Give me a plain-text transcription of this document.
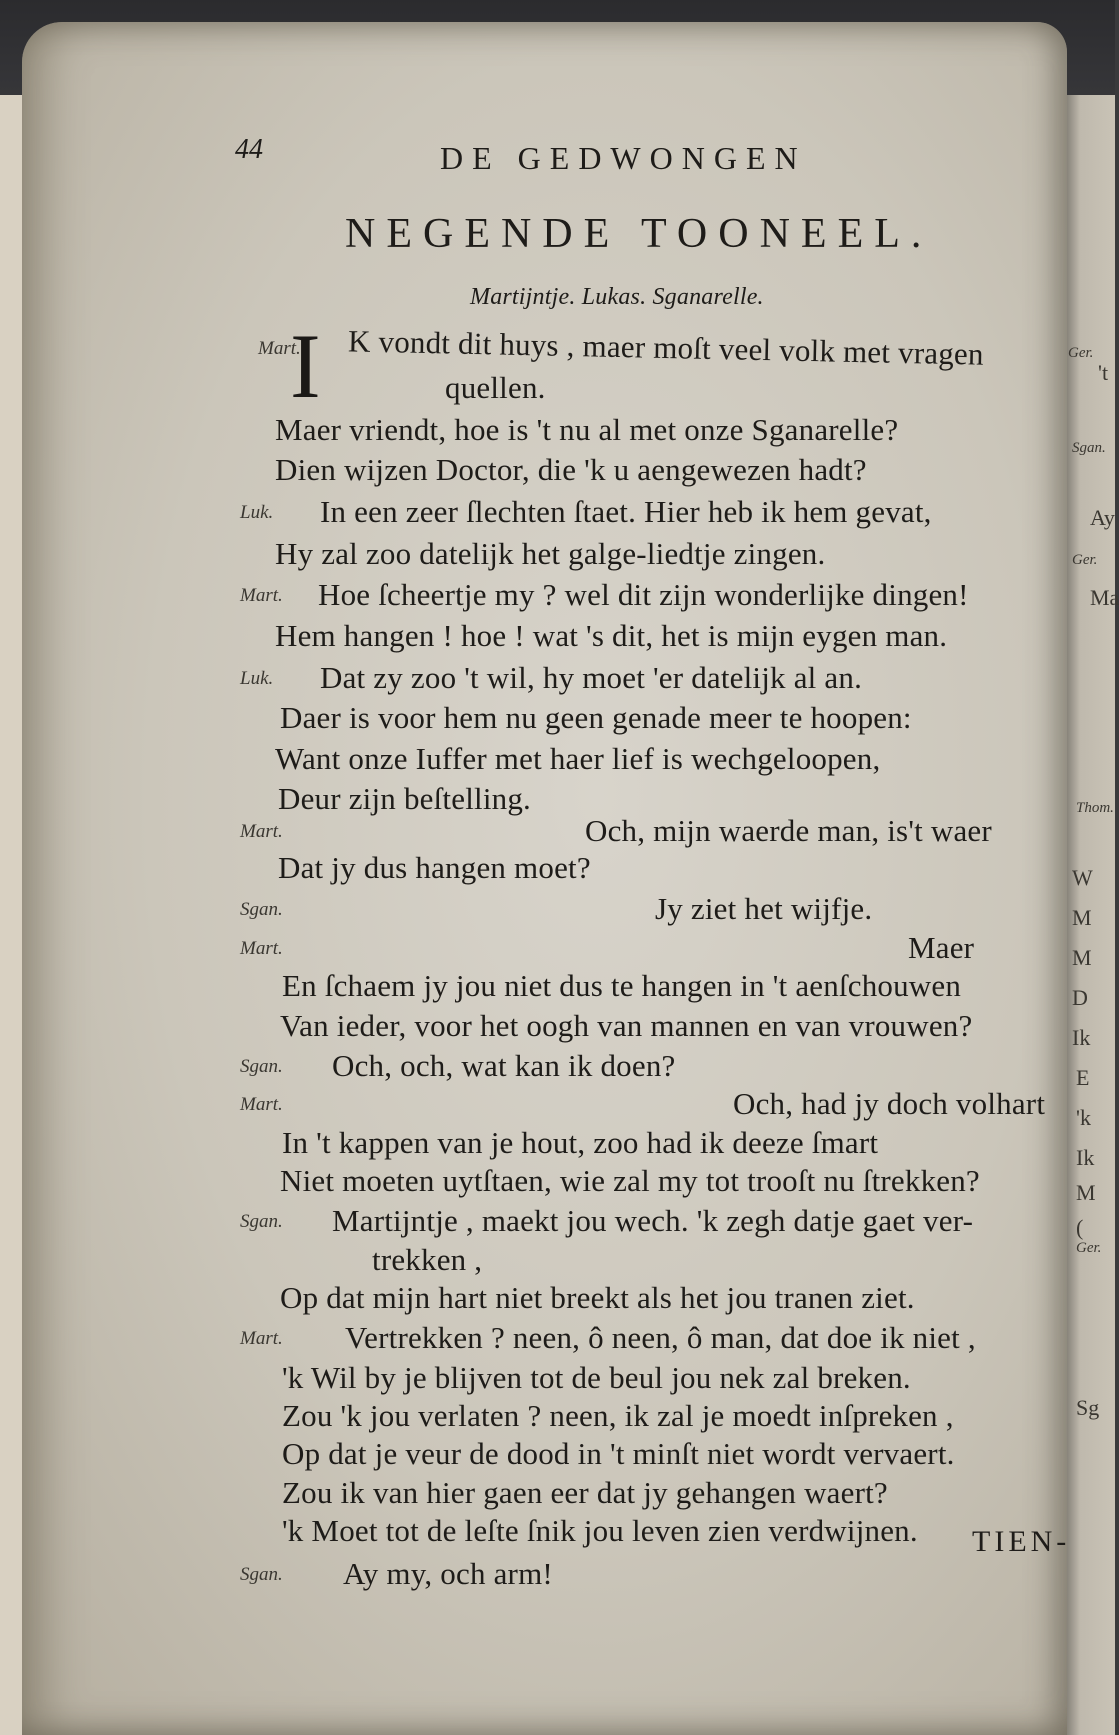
44	DE GEDWONGEN
NEGENDE TOONEEL.
Martijntje. Lukas. Sganarelle.
I
Mart. K vondt dit huys , maer moſt veel volk met vragen
quellen.
Maer vriendt, hoe is 't nu al met onze Sganarelle?
Dien wijzen Doctor, die 'k u aengewezen hadt?
Luk. In een zeer ſlechten ſtaet. Hier heb ik hem gevat,
Hy zal zoo datelijk het galge-liedtje zingen.
Mart. Hoe ſcheertje my ? wel dit zijn wonderlijke dingen!
Hem hangen ! hoe ! wat 's dit, het is mijn eygen man.
Luk. Dat zy zoo 't wil, hy moet 'er datelijk al an.
Daer is voor hem nu geen genade meer te hoopen:
Want onze Iuffer met haer lief is wechgeloopen,
Deur zijn beſtelling.
Mart.	Och, mijn waerde man, is't waer
Dat jy dus hangen moet?
Sgan.	Jy ziet het wijfje.
Mart.	Maer
En ſchaem jy jou niet dus te hangen in 't aenſchouwen
Van ieder, voor het oogh van mannen en van vrouwen?
Sgan. Och, och, wat kan ik doen?
Mart.	Och, had jy doch volhart
In 't kappen van je hout, zoo had ik deeze ſmart
Niet moeten uytſtaen, wie zal my tot trooſt nu ſtrekken?
Sgan. Martijntje , maekt jou wech. 'k zegh datje gaet ver-
trekken ,
Op dat mijn hart niet breekt als het jou tranen ziet.
Mart. Vertrekken ? neen, ô neen, ô man, dat doe ik niet ,
'k Wil by je blijven tot de beul jou nek zal breken.
Zou 'k jou verlaten ? neen, ik zal je moedt inſpreken ,
Op dat je veur de dood in 't minſt niet wordt vervaert.
Zou ik van hier gaen eer dat jy gehangen waert?
'k Moet tot de leſte ſnik jou leven zien verdwijnen.
Sgan. Ay my, och arm!
TIEN-
Ger.
't
Sgan.
Ay
Ger.
Ma
Thom.
W
M
M
D
Ik
E
'k
Ik
M
(
Ger.
Sg
